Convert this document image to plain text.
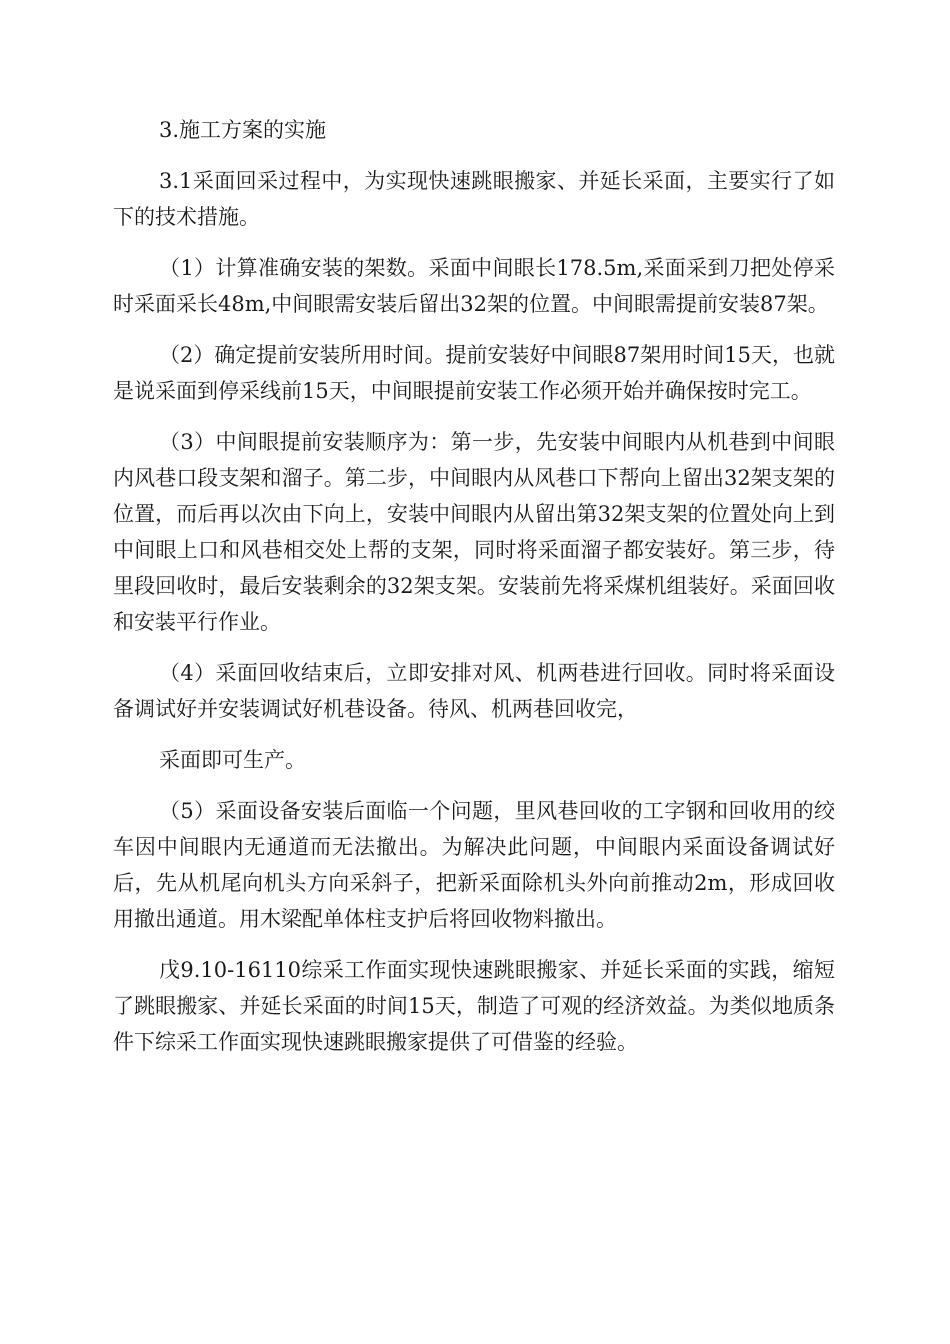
3.施工方案的实施

3.1采面回采过程中，为实现快速跳眼搬家、并延长采面，主要实行了如下的技术措施。

（1）计算准确安装的架数。采面中间眼长178.5m,采面采到刀把处停采时采面采长48m,中间眼需安装后留出32架的位置。中间眼需提前安装87架。

（2）确定提前安装所用时间。提前安装好中间眼87架用时间15天，也就是说采面到停采线前15天，中间眼提前安装工作必须开始并确保按时完工。

（3）中间眼提前安装顺序为：第一步，先安装中间眼内从机巷到中间眼内风巷口段支架和溜子。第二步，中间眼内从风巷口下帮向上留出32架支架的位置，而后再以次由下向上，安装中间眼内从留出第32架支架的位置处向上到中间眼上口和风巷相交处上帮的支架，同时将采面溜子都安装好。第三步，待里段回收时，最后安装剩余的32架支架。安装前先将采煤机组装好。采面回收和安装平行作业。

（4）采面回收结束后，立即安排对风、机两巷进行回收。同时将采面设备调试好并安装调试好机巷设备。待风、机两巷回收完，

采面即可生产。

（5）采面设备安装后面临一个问题，里风巷回收的工字钢和回收用的绞车因中间眼内无通道而无法撤出。为解决此问题，中间眼内采面设备调试好后，先从机尾向机头方向采斜子，把新采面除机头外向前推动2m，形成回收用撤出通道。用木梁配单体柱支护后将回收物料撤出。

戊9.10-16110综采工作面实现快速跳眼搬家、并延长采面的实践，缩短了跳眼搬家、并延长采面的时间15天，制造了可观的经济效益。为类似地质条件下综采工作面实现快速跳眼搬家提供了可借鉴的经验。
